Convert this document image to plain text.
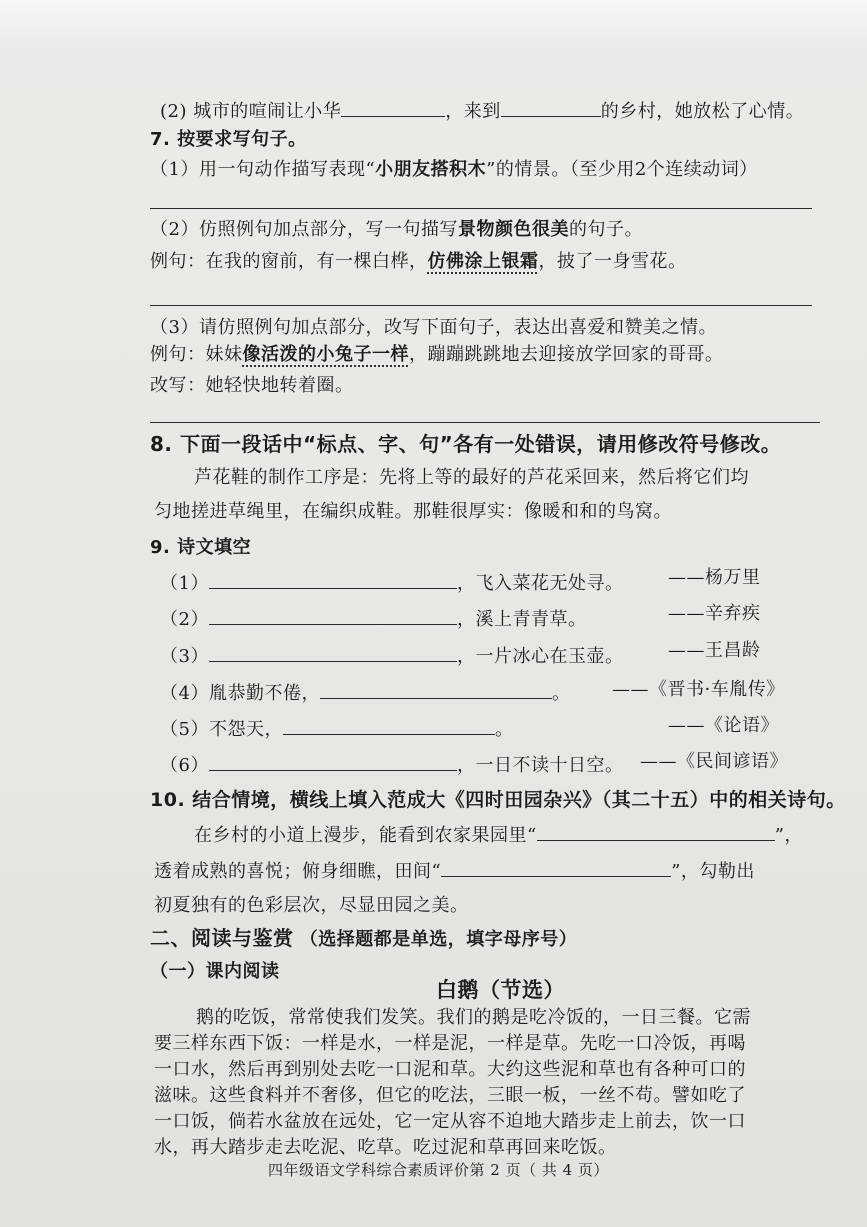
(2) 城市的喧闹让小华	，来到	的乡村，她放松了心情。
7. 按要求写句子。
（1）用一句动作描写表现“小朋友搭积木”的情景。（至少用2个连续动词）
（2）仿照例句加点部分，写一句描写景物颜色很美的句子。
例句：在我的窗前，有一棵白桦，仿佛涂上银霜，披了一身雪花。
（3）请仿照例句加点部分，改写下面句子，表达出喜爱和赞美之情。
例句：妹妹像活泼的小兔子一样，蹦蹦跳跳地去迎接放学回家的哥哥。
改写：她轻快地转着圈。
8. 下面一段话中“标点、字、句”各有一处错误，请用修改符号修改。
芦花鞋的制作工序是：先将上等的最好的芦花采回来，然后将它们均
匀地搓进草绳里，在编织成鞋。那鞋很厚实：像暖和和的鸟窝。
9. 诗文填空
（1）	，飞入菜花无处寻。 ——杨万里
（2）	，溪上青青草。	——辛弃疾
（3）	，一片冰心在玉壶。 ——王昌龄
（4）胤恭勤不倦，	。 ——《晋书·车胤传》
（5）不怨天，	。	——《论语》
（6）	，一日不读十日空。 ——《民间谚语》
10. 结合情境，横线上填入范成大《四时田园杂兴》（其二十五）中的相关诗句。
在乡村的小道上漫步，能看到农家果园里“	”，
透着成熟的喜悦；俯身细瞧，田间“	”，勾勒出
初夏独有的色彩层次，尽显田园之美。
二、阅读与鉴赏 （选择题都是单选，填字母序号）
（一）课内阅读
白鹅（节选）
鹅的吃饭，常常使我们发笑。我们的鹅是吃冷饭的，一日三餐。它需
要三样东西下饭：一样是水，一样是泥，一样是草。先吃一口冷饭，再喝
一口水，然后再到别处去吃一口泥和草。大约这些泥和草也有各种可口的
滋味。这些食料并不奢侈，但它的吃法，三眼一板，一丝不苟。譬如吃了
一口饭，倘若水盆放在远处，它一定从容不迫地大踏步走上前去，饮一口
水，再大踏步走去吃泥、吃草。吃过泥和草再回来吃饭。
四年级语文学科综合素质评价第 2 页（ 共 4 页）
